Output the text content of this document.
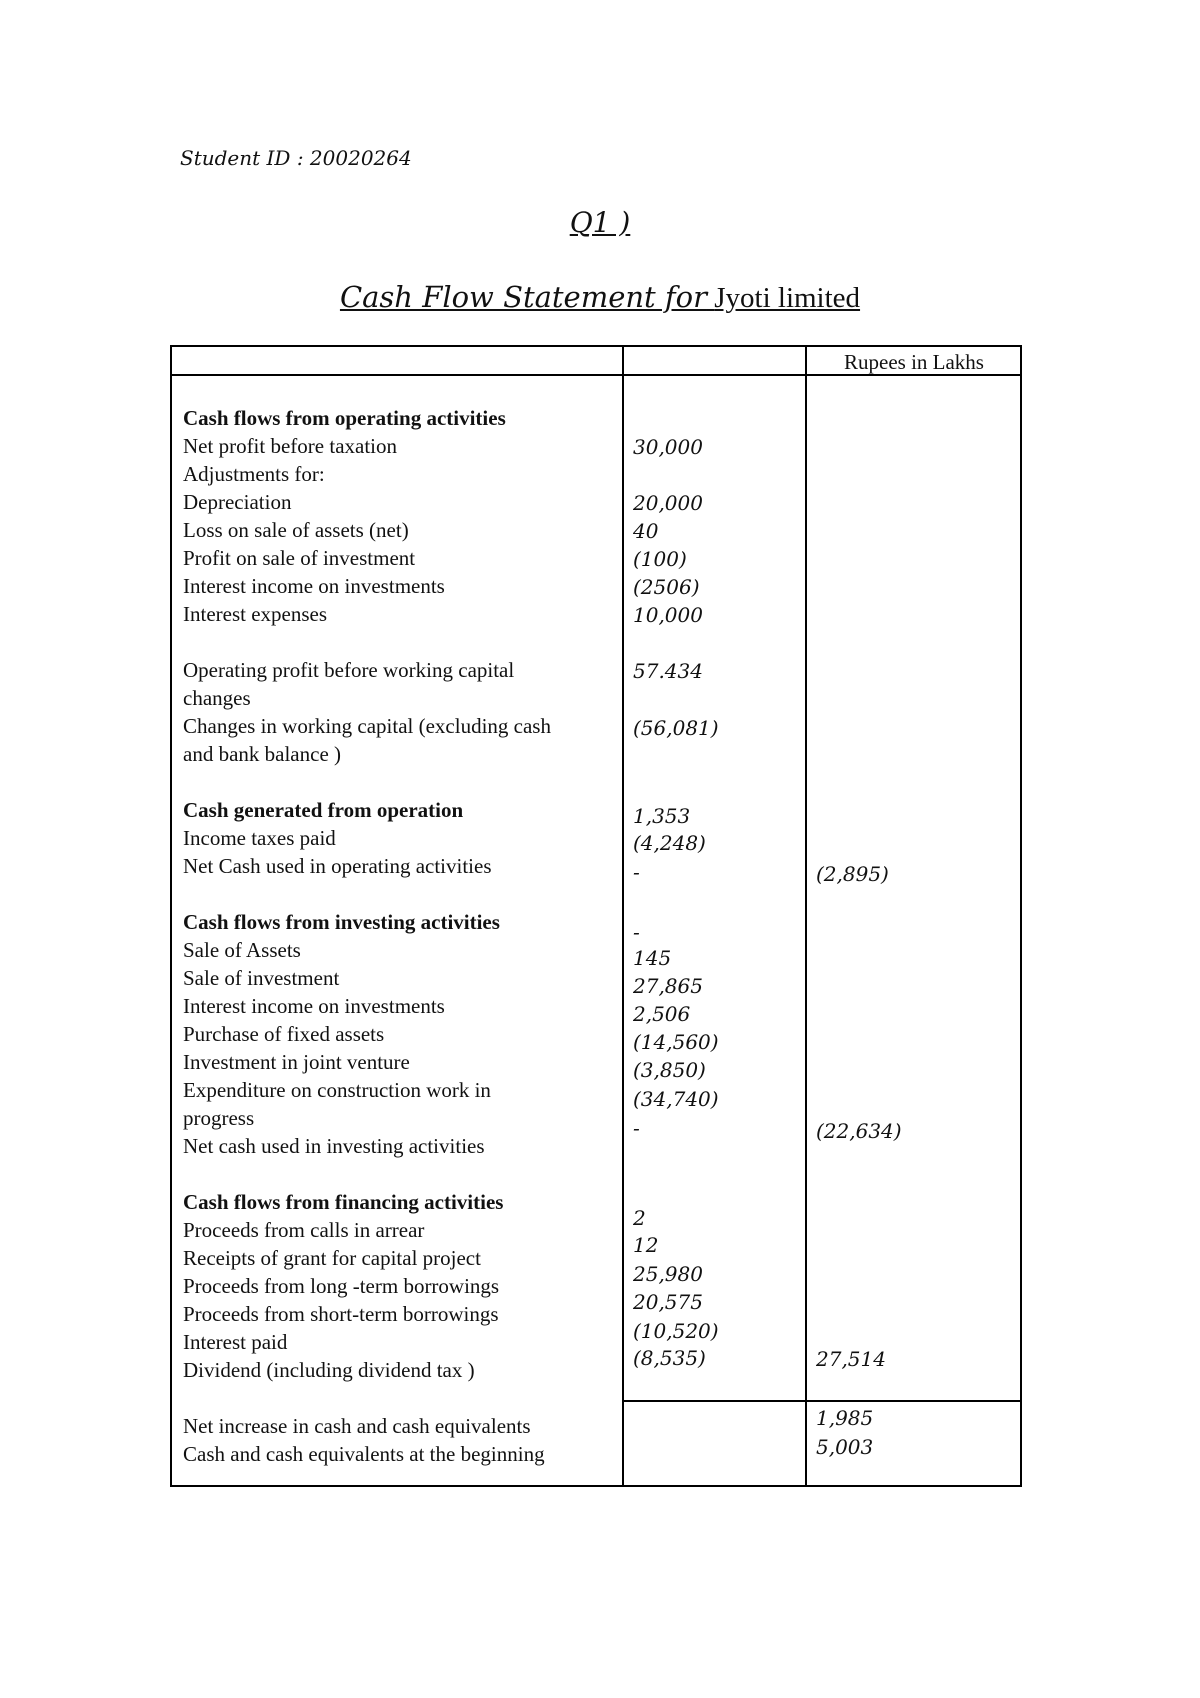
Student ID : 20020264
Q1 )
Cash Flow Statement for Jyoti limited
Rupees in Lakhs
Cash flows from operating activities
Net profit before taxation
Adjustments for:
Depreciation
Loss on sale of assets (net)
Profit on sale of investment
Interest income on investments
Interest expenses
Operating profit before working capital
changes
Changes in working capital (excluding cash
and bank balance )
Cash generated from operation
Income taxes paid
Net Cash used in operating activities
Cash flows from investing activities
Sale of Assets
Sale of investment
Interest income on investments
Purchase of fixed assets
Investment in joint venture
Expenditure on construction work in
progress
Net cash used in investing activities
Cash flows from financing activities
Proceeds from calls in arrear
Receipts of grant for capital project
Proceeds from long -term borrowings
Proceeds from short-term borrowings
Interest paid
Dividend (including dividend tax )
Net increase in cash and cash equivalents
Cash and cash equivalents at the beginning
30,000
20,000
40
(100)
(2506)
10,000
57.434
(56,081)
1,353
(4,248)
-
-
145
27,865
2,506
(14,560)
(3,850)
(34,740)
-
2
12
25,980
20,575
(10,520)
(8,535)
(2,895)
(22,634)
27,514
1,985
5,003
